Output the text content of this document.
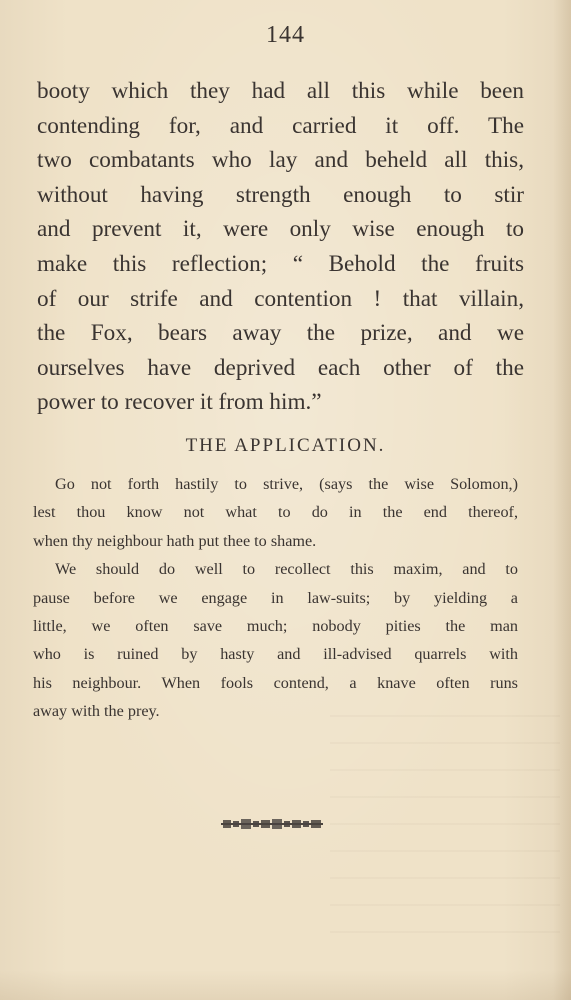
144
booty which they had all this while been
contending for, and carried it off. The
two combatants who lay and beheld all this,
without having strength enough to stir
and prevent it, were only wise enough to
make this reflection; “ Behold the fruits
of our strife and contention ! that villain,
the Fox, bears away the prize, and we
ourselves have deprived each other of the
power to recover it from him.”
THE APPLICATION.
Go not forth hastily to strive, (says the wise Solomon,)
lest thou know not what to do in the end thereof,
when thy neighbour hath put thee to shame.
We should do well to recollect this maxim, and to
pause before we engage in law-suits; by yielding a
little, we often save much; nobody pities the man
who is ruined by hasty and ill-advised quarrels with
his neighbour. When fools contend, a knave often runs
away with the prey.
